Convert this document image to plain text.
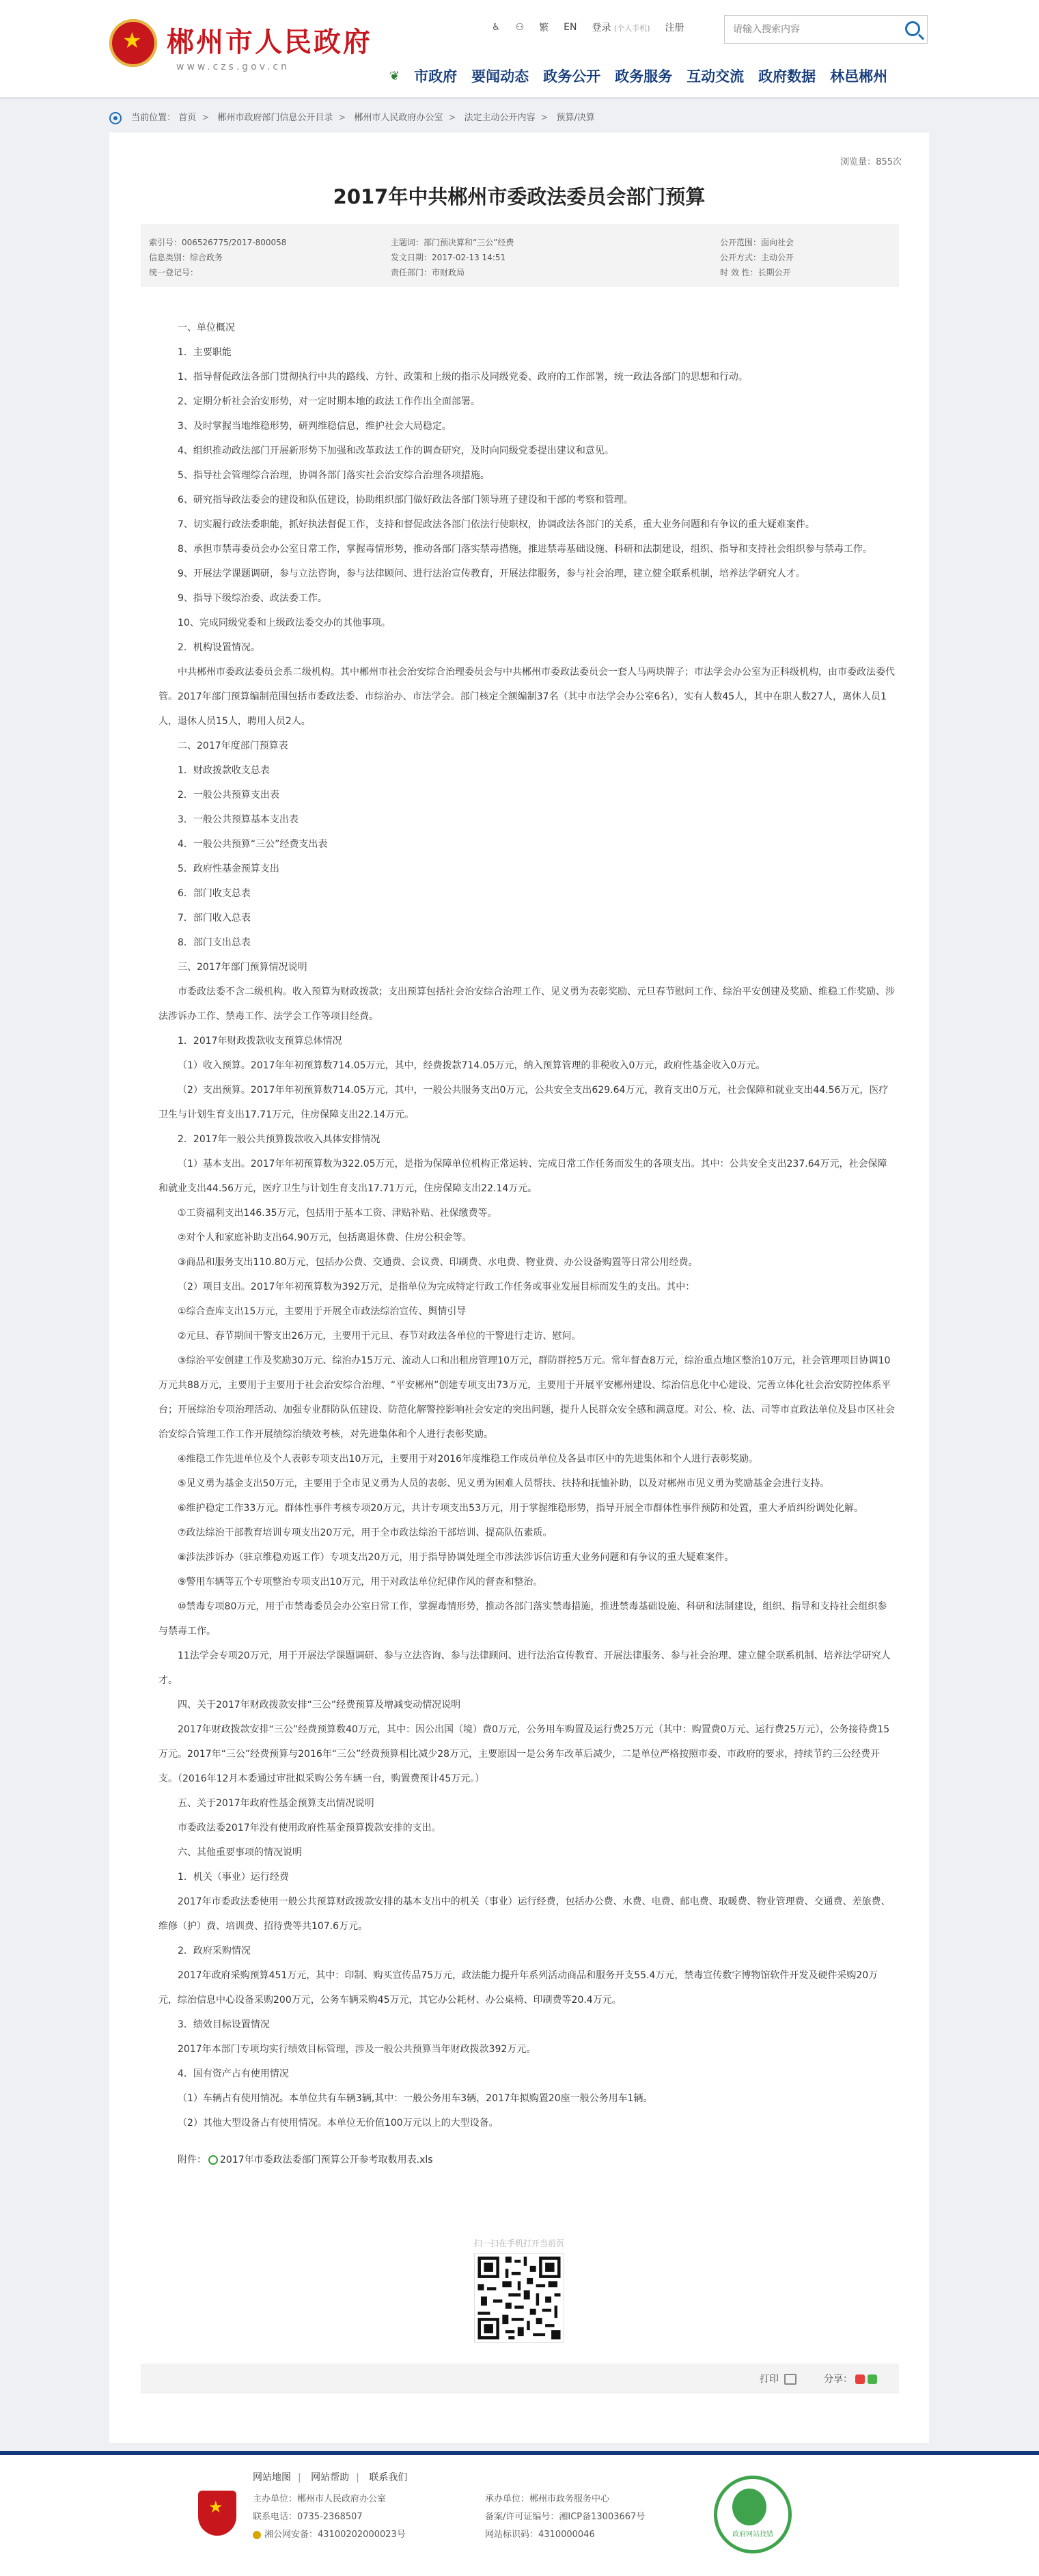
★
郴州市人民政府
www.czs.gov.cn
♿ ⚇ 繁 EN 登录 (个人手机) 注册
请输入搜索内容
❦ 市政府 要闻动态 政务公开 政务服务 互动交流 政府数据 林邑郴州
当前位置： 首页 > 郴州市政府部门信息公开目录 > 郴州市人民政府办公室 > 法定主动公开内容 > 预算/决算
浏览量：855次
2017年中共郴州市委政法委员会部门预算
索引号：006526775/2017-800058
信息类别：综合政务
统一登记号：
主题词：部门预决算和“三公”经费
发文日期：2017-02-13 14:51
责任部门：市财政局
公开范围：面向社会
公开方式：主动公开
时 效 性：长期公开

一、单位概况

1．主要职能

1、指导督促政法各部门贯彻执行中共的路线、方针、政策和上级的指示及同级党委、政府的工作部署，统一政法各部门的思想和行动。

2、定期分析社会治安形势，对一定时期本地的政法工作作出全面部署。

3、及时掌握当地维稳形势，研判维稳信息，维护社会大局稳定。

4、组织推动政法部门开展新形势下加强和改革政法工作的调查研究，及时向同级党委提出建议和意见。

5、指导社会管理综合治理，协调各部门落实社会治安综合治理各项措施。

6、研究指导政法委会的建设和队伍建设，协助组织部门做好政法各部门领导班子建设和干部的考察和管理。

7、切实履行政法委职能，抓好执法督促工作，支持和督促政法各部门依法行使职权，协调政法各部门的关系，重大业务问题和有争议的重大疑难案件。

8、承担市禁毒委员会办公室日常工作，掌握毒情形势，推动各部门落实禁毒措施，推进禁毒基础设施、科研和法制建设，组织、指导和支持社会组织参与禁毒工作。

9、开展法学课题调研，参与立法咨询，参与法律顾问、进行法治宣传教育，开展法律服务，参与社会治理，建立健全联系机制，培养法学研究人才。

9、指导下级综治委、政法委工作。

10、完成同级党委和上级政法委交办的其他事项。

2．机构设置情况。

中共郴州市委政法委员会系二级机构。其中郴州市社会治安综合治理委员会与中共郴州市委政法委员会一套人马两块牌子；市法学会办公室为正科级机构，由市委政法委代管。2017年部门预算编制范围包括市委政法委、市综治办、市法学会。部门核定全额编制37名（其中市法学会办公室6名），实有人数45人，其中在职人数27人，离休人员1人，退休人员15人，聘用人员2人。

二、2017年度部门预算表

1．财政拨款收支总表

2．一般公共预算支出表

3．一般公共预算基本支出表

4．一般公共预算“三公”经费支出表

5．政府性基金预算支出

6．部门收支总表

7．部门收入总表

8．部门支出总表

三、2017年部门预算情况说明

市委政法委不含二级机构。收入预算为财政拨款；支出预算包括社会治安综合治理工作、见义勇为表彰奖励、元旦春节慰问工作、综治平安创建及奖励、维稳工作奖励、涉法涉诉办工作、禁毒工作、法学会工作等项目经费。

1．2017年财政拨款收支预算总体情况

（1）收入预算。2017年年初预算数714.05万元，其中，经费拨款714.05万元，纳入预算管理的非税收入0万元，政府性基金收入0万元。

（2）支出预算。2017年年初预算数714.05万元，其中，一般公共服务支出0万元，公共安全支出629.64万元，教育支出0万元，社会保障和就业支出44.56万元，医疗卫生与计划生育支出17.71万元，住房保障支出22.14万元。

2．2017年一般公共预算拨款收入具体安排情况

（1）基本支出。2017年年初预算数为322.05万元，是指为保障单位机构正常运转、完成日常工作任务而发生的各项支出。其中：公共安全支出237.64万元，社会保障和就业支出44.56万元，医疗卫生与计划生育支出17.71万元，住房保障支出22.14万元。

①工资福利支出146.35万元，包括用于基本工资、津贴补贴、社保缴费等。

②对个人和家庭补助支出64.90万元，包括离退休费、住房公积金等。

③商品和服务支出110.80万元，包括办公费、交通费、会议费、印刷费、水电费、物业费、办公设备购置等日常公用经费。

（2）项目支出。2017年年初预算数为392万元，是指单位为完成特定行政工作任务或事业发展目标而发生的支出。其中：

①综合查库支出15万元，主要用于开展全市政法综治宣传、舆情引导

②元旦、春节期间干警支出26万元，主要用于元旦、春节对政法各单位的干警进行走访、慰问。

③综治平安创建工作及奖励30万元、综治办15万元、流动人口和出租房管理10万元，群防群控5万元。常年督查8万元，综治重点地区整治10万元，社会管理项目协调10万元共88万元，主要用于主要用于社会治安综合治理、“平安郴州”创建专项支出73万元，主要用于开展平安郴州建设、综治信息化中心建设、完善立体化社会治安防控体系平台；开展综治专项治理活动、加强专业群防队伍建设、防范化解警控影响社会安定的突出问题，提升人民群众安全感和满意度。对公、检、法、司等市直政法单位及县市区社会治安综合管理工作工作开展绩综治绩效考核，对先进集体和个人进行表彰奖励。

④维稳工作先进单位及个人表彰专项支出10万元，主要用于对2016年度维稳工作成员单位及各县市区中的先进集体和个人进行表彰奖励。

⑤见义勇为基金支出50万元，主要用于全市见义勇为人员的表彰、见义勇为困难人员帮扶、扶持和抚恤补助，以及对郴州市见义勇为奖励基金会进行支持。

⑥维护稳定工作33万元。群体性事件考核专项20万元，共计专项支出53万元，用于掌握维稳形势，指导开展全市群体性事件预防和处置，重大矛盾纠纷调处化解。

⑦政法综治干部教育培训专项支出20万元，用于全市政法综治干部培训、提高队伍素质。

⑧涉法涉诉办（驻京维稳劝返工作）专项支出20万元，用于指导协调处理全市涉法涉诉信访重大业务问题和有争议的重大疑难案件。

⑨警用车辆等五个专项整治专项支出10万元，用于对政法单位纪律作风的督查和整治。

⑩禁毒专项80万元，用于市禁毒委员会办公室日常工作，掌握毒情形势，推动各部门落实禁毒措施，推进禁毒基础设施、科研和法制建设，组织、指导和支持社会组织参与禁毒工作。

11法学会专项20万元，用于开展法学课题调研、参与立法咨询、参与法律顾问、进行法治宣传教育、开展法律服务、参与社会治理、建立健全联系机制、培养法学研究人才。

四、关于2017年财政拨款安排“三公”经费预算及增减变动情况说明

2017年财政拨款安排“三公”经费预算数40万元，其中：因公出国（境）费0万元，公务用车购置及运行费25万元（其中：购置费0万元、运行费25万元），公务接待费15万元。2017年“三公”经费预算与2016年“三公”经费预算相比减少28万元，主要原因一是公务车改革后减少，二是单位严格按照市委、市政府的要求，持续节约三公经费开支。（2016年12月本委通过审批拟采购公务车辆一台，购置费预计45万元。）

五、关于2017年政府性基金预算支出情况说明

市委政法委2017年没有使用政府性基金预算拨款安排的支出。

六、其他重要事项的情况说明

1．机关（事业）运行经费

2017年市委政法委使用一般公共预算财政拨款安排的基本支出中的机关（事业）运行经费，包括办公费、水费、电费、邮电费、取暖费、物业管理费、交通费、差旅费、维修（护）费、培训费、招待费等共107.6万元。

2．政府采购情况

2017年政府采购预算451万元，其中：印制、购买宣传品75万元，政法能力提升年系列活动商品和服务开支55.4万元，禁毒宣传数字博物馆软件开发及硬件采购20万元，综治信息中心设备采购200万元，公务车辆采购45万元，其它办公耗材、办公桌椅、印刷费等20.4万元。

3．绩效目标设置情况

2017年本部门专项均实行绩效目标管理，涉及一般公共预算当年财政拨款392万元。

4．国有资产占有使用情况

（1）车辆占有使用情况。本单位共有车辆3辆,其中：一般公务用车3辆，2017年拟购置20座一般公务用车1辆。

（2）其他大型设备占有使用情况。本单位无价值100万元以上的大型设备。

附件： 2017年市委政法委部门预算公开参考取数用表.xls

扫一扫在手机打开当前页
打印	分享：
网站地图 | 网站帮助 | 联系我们
★
主办单位：郴州市人民政府办公室
联系电话：0735-2368507
湘公网安备：43100202000023号
承办单位：郴州市政务服务中心
备案/许可证编号：湘ICP备13003667号
网站标识码：4310000046	政府网站找错
